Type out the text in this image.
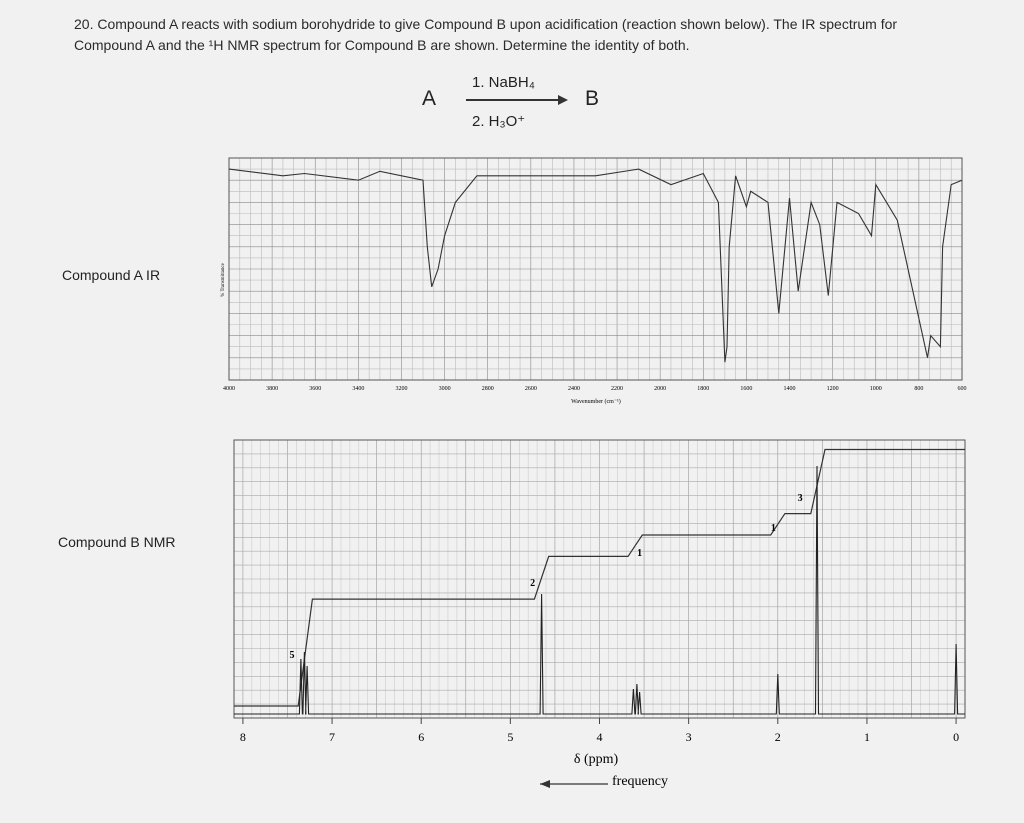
20. Compound A reacts with sodium borohydride to give Compound B upon acidification (reaction shown below). The IR spectrum for Compound A and the ¹H NMR spectrum for Compound B are shown. Determine the identity of both.
1. NaBH₄
A	B
2. H₃O⁺
Compound A IR
Compound B NMR
4000	3800	3600	3400	3200	3000	2800	2600	2400	2200	2000	1800	1600	1400	1200	1000	800	600
Wavenumber (cm⁻¹)
% Transmittance
5
2
1
1
3
8	7	6	5	4	3	2	1	0
δ (ppm)
frequency
